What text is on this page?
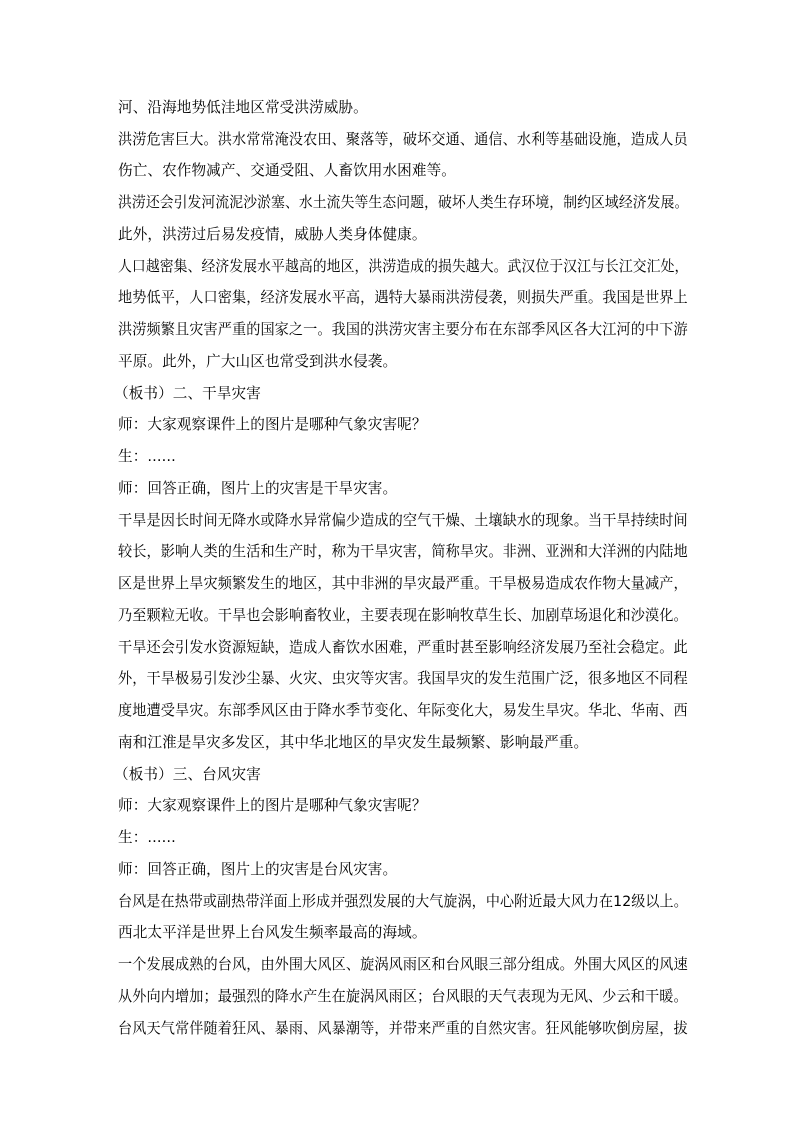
河、沿海地势低洼地区常受洪涝威胁。
洪涝危害巨大。洪水常常淹没农田、聚落等，破坏交通、通信、水利等基础设施，造成人员
伤亡、农作物减产、交通受阻、人畜饮用水困难等。
洪涝还会引发河流泥沙淤塞、水土流失等生态问题，破坏人类生存环境，制约区域经济发展。
此外，洪涝过后易发疫情，威胁人类身体健康。
人口越密集、经济发展水平越高的地区，洪涝造成的损失越大。武汉位于汉江与长江交汇处，
地势低平，人口密集，经济发展水平高，遇特大暴雨洪涝侵袭，则损失严重。我国是世界上
洪涝频繁且灾害严重的国家之一。我国的洪涝灾害主要分布在东部季风区各大江河的中下游
平原。此外，广大山区也常受到洪水侵袭。
（板书）二、干旱灾害
师：大家观察课件上的图片是哪种气象灾害呢？
生：......
师：回答正确，图片上的灾害是干旱灾害。
干旱是因长时间无降水或降水异常偏少造成的空气干燥、土壤缺水的现象。当干旱持续时间
较长，影响人类的生活和生产时，称为干旱灾害，简称旱灾。非洲、亚洲和大洋洲的内陆地
区是世界上旱灾频繁发生的地区，其中非洲的旱灾最严重。干旱极易造成农作物大量减产，
乃至颗粒无收。干旱也会影响畜牧业，主要表现在影响牧草生长、加剧草场退化和沙漠化。
干旱还会引发水资源短缺，造成人畜饮水困难，严重时甚至影响经济发展乃至社会稳定。此
外，干旱极易引发沙尘暴、火灾、虫灾等灾害。我国旱灾的发生范围广泛，很多地区不同程
度地遭受旱灾。东部季风区由于降水季节变化、年际变化大，易发生旱灾。华北、华南、西
南和江淮是旱灾多发区，其中华北地区的旱灾发生最频繁、影响最严重。
（板书）三、台风灾害
师：大家观察课件上的图片是哪种气象灾害呢？
生：......
师：回答正确，图片上的灾害是台风灾害。
台风是在热带或副热带洋面上形成并强烈发展的大气旋涡，中心附近最大风力在12级以上。
西北太平洋是世界上台风发生频率最高的海域。
一个发展成熟的台风，由外围大风区、旋涡风雨区和台风眼三部分组成。外围大风区的风速
从外向内增加；最强烈的降水产生在旋涡风雨区；台风眼的天气表现为无风、少云和干暖。
台风天气常伴随着狂风、暴雨、风暴潮等，并带来严重的自然灾害。狂风能够吹倒房屋，拔
